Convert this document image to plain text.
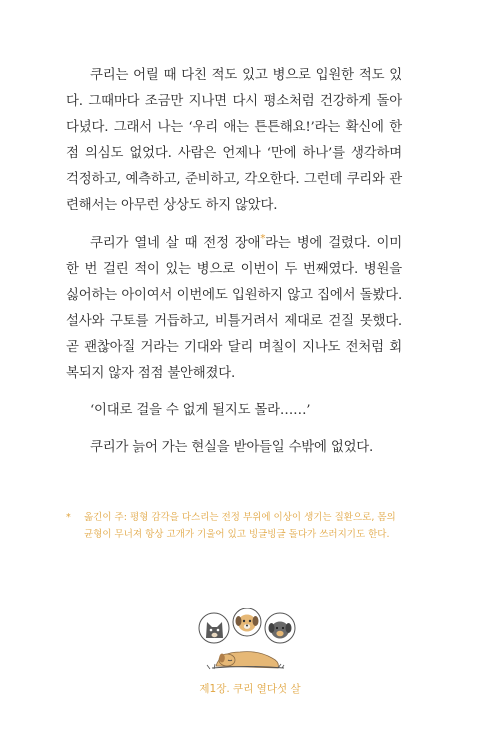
쿠리는 어릴 때 다친 적도 있고 병으로 입원한 적도 있다. 그때마다 조금만 지나면 다시 평소처럼 건강하게 돌아다녔다. 그래서 나는 ‘우리 애는 튼튼해요!’라는 확신에 한 점 의심도 없었다. 사람은 언제나 ‘만에 하나’를 생각하며 걱정하고, 예측하고, 준비하고, 각오한다. 그런데 쿠리와 관련해서는 아무런 상상도 하지 않았다.

쿠리가 열네 살 때 전정 장애*라는 병에 걸렸다. 이미 한 번 걸린 적이 있는 병으로 이번이 두 번째였다. 병원을 싫어하는 아이여서 이번에도 입원하지 않고 집에서 돌봤다. 설사와 구토를 거듭하고, 비틀거려서 제대로 걷질 못했다. 곧 괜찮아질 거라는 기대와 달리 며칠이 지나도 전처럼 회복되지 않자 점점 불안해졌다.

‘이대로 걸을 수 없게 될지도 몰라……’

쿠리가 늙어 가는 현실을 받아들일 수밖에 없었다.

*	옮긴이 주: 평형 감각을 다스리는 전정 부위에 이상이 생기는 질환으로, 몸의 균형이 무너져 항상 고개가 기울어 있고 빙글빙글 돌다가 쓰러지기도 한다.
제1장. 쿠리 열다섯 살
